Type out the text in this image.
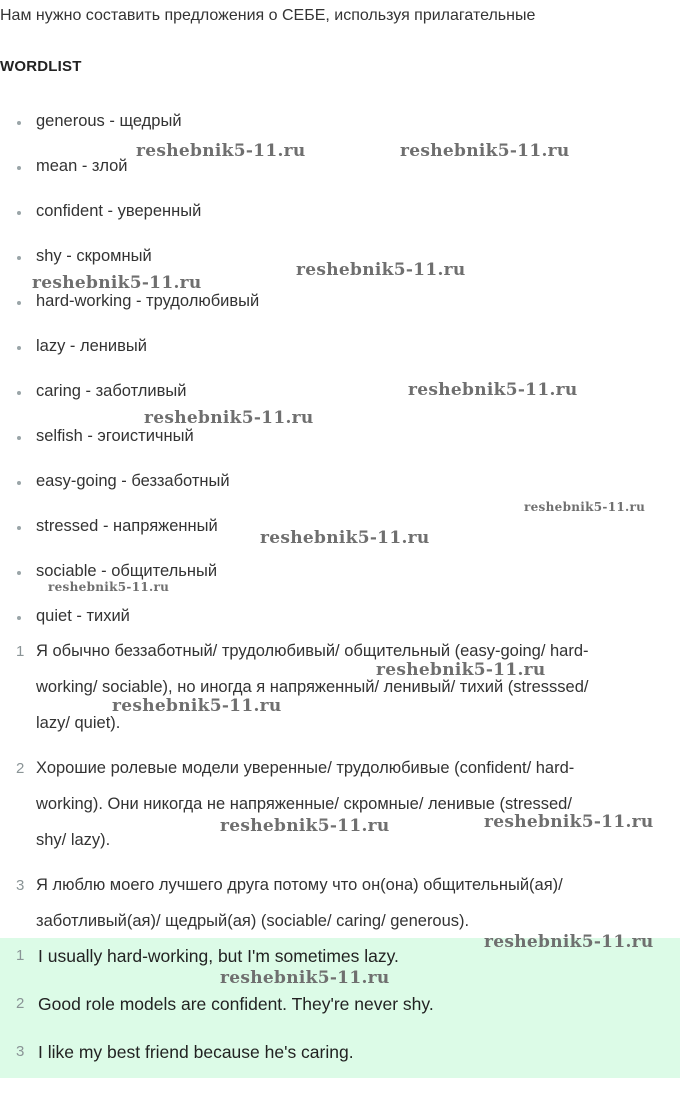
Нам нужно составить предложения о СЕБЕ, используя прилагательные
WORDLIST
generous - щедрый
mean - злой
confident - уверенный
shy - скромный
hard-working - трудолюбивый
lazy - ленивый
caring - заботливый
selfish - эгоистичный
easy-going - беззаботный
stressed - напряженный
sociable - общительный
quiet - тихий
1 Я обычно беззаботный/ трудолюбивый/ общительный (easy-going/ hard-
working/ sociable), но иногда я напряженный/ ленивый/ тихий (stresssed/
lazy/ quiet).
2 Хорошие ролевые модели уверенные/ трудолюбивые (confident/ hard-
working). Они никогда не напряженные/ скромные/ ленивые (stressed/
shy/ lazy).
3 Я люблю моего лучшего друга потому что он(она) общительный(ая)/
заботливый(ая)/ щедрый(ая) (sociable/ caring/ generous).
1 I usually hard-working, but I'm sometimes lazy.
2 Good role models are confident. They're never shy.
3 I like my best friend because he's caring.
reshebnik5-11.ru	reshebnik5-11.ru
reshebnik5-11.ru
reshebnik5-11.ru
reshebnik5-11.ru
reshebnik5-11.ru
reshebnik5-11.ru
reshebnik5-11.ru
reshebnik5-11.ru
reshebnik5-11.ru
reshebnik5-11.ru
reshebnik5-11.ru
reshebnik5-11.ru
reshebnik5-11.ru
reshebnik5-11.ru
